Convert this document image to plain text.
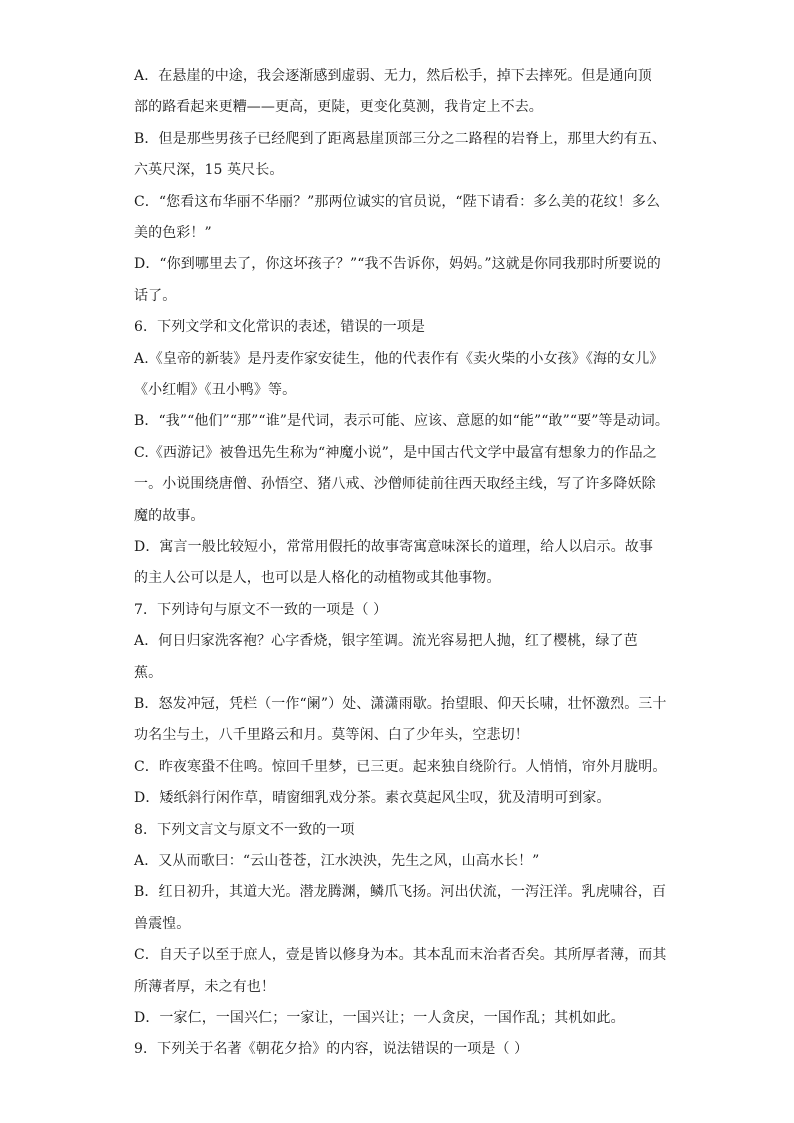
A．在悬崖的中途，我会逐渐感到虚弱、无力，然后松手，掉下去摔死。但是通向顶
部的路看起来更糟——更高，更陡，更变化莫测，我肯定上不去。
B．但是那些男孩子已经爬到了距离悬崖顶部三分之二路程的岩脊上，那里大约有五、
六英尺深，15 英尺长。
C．“您看这布华丽不华丽？”那两位诚实的官员说，“陛下请看：多么美的花纹！多么
美的色彩！”
D．“你到哪里去了，你这坏孩子？”“我不告诉你，妈妈。”这就是你同我那时所要说的
话了。
6．下列文学和文化常识的表述，错误的一项是
A.《皇帝的新装》是丹麦作家安徒生，他的代表作有《卖火柴的小女孩》《海的女儿》
《小红帽》《丑小鸭》等。
B．“我”“他们”“那”“谁”是代词，表示可能、应该、意愿的如“能”“敢”“要”等是动词。
C.《西游记》被鲁迅先生称为“神魔小说”，是中国古代文学中最富有想象力的作品之
一。小说围绕唐僧、孙悟空、猪八戒、沙僧师徒前往西天取经主线，写了许多降妖除
魔的故事。
D．寓言一般比较短小，常常用假托的故事寄寓意味深长的道理，给人以启示。故事
的主人公可以是人，也可以是人格化的动植物或其他事物。
7．下列诗句与原文不一致的一项是（ ）
A．何日归家洗客袍？心字香烧，银字笙调。流光容易把人抛，红了樱桃，绿了芭
蕉。
B．怒发冲冠，凭栏（一作“阑”）处、潇潇雨歇。抬望眼、仰天长啸，壮怀激烈。三十
功名尘与土，八千里路云和月。莫等闲、白了少年头，空悲切！
C．昨夜寒蛩不住鸣。惊回千里梦，已三更。起来独自绕阶行。人悄悄，帘外月胧明。
D．矮纸斜行闲作草，晴窗细乳戏分茶。素衣莫起风尘叹，犹及清明可到家。
8．下列文言文与原文不一致的一项
A．又从而歌曰：“云山苍苍，江水泱泱，先生之风，山高水长！”
B．红日初升，其道大光。潜龙腾渊，鳞爪飞扬。河出伏流，一泻汪洋。乳虎啸谷，百
兽震惶。
C．自天子以至于庶人，壹是皆以修身为本。其本乱而末治者否矣。其所厚者薄，而其
所薄者厚，未之有也！
D．一家仁，一国兴仁；一家让，一国兴让；一人贪戾，一国作乱；其机如此。
9．下列关于名著《朝花夕拾》的内容，说法错误的一项是（ ）
